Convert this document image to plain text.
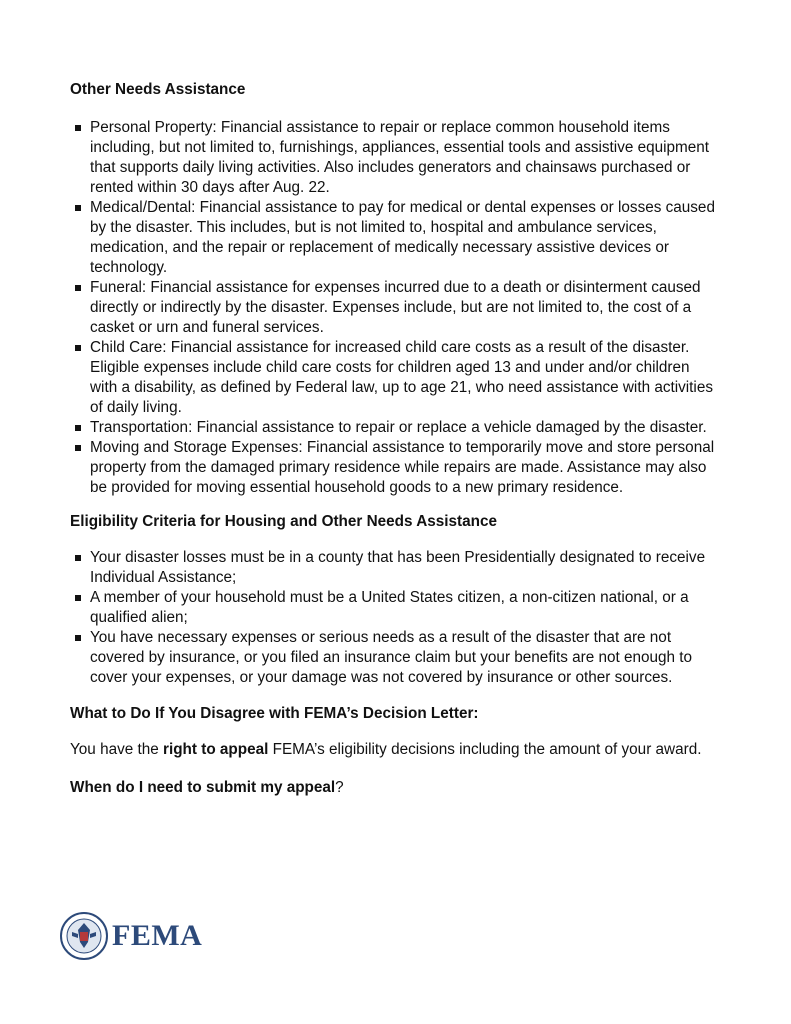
Other Needs Assistance
Personal Property: Financial assistance to repair or replace common household items including, but not limited to, furnishings, appliances, essential tools and assistive equipment that supports daily living activities. Also includes generators and chainsaws purchased or rented within 30 days after Aug. 22.
Medical/Dental: Financial assistance to pay for medical or dental expenses or losses caused by the disaster. This includes, but is not limited to, hospital and ambulance services, medication, and the repair or replacement of medically necessary assistive devices or technology.
Funeral: Financial assistance for expenses incurred due to a death or disinterment caused directly or indirectly by the disaster. Expenses include, but are not limited to, the cost of a casket or urn and funeral services.
Child Care: Financial assistance for increased child care costs as a result of the disaster. Eligible expenses include child care costs for children aged 13 and under and/or children with a disability, as defined by Federal law, up to age 21, who need assistance with activities of daily living.
Transportation: Financial assistance to repair or replace a vehicle damaged by the disaster.
Moving and Storage Expenses: Financial assistance to temporarily move and store personal property from the damaged primary residence while repairs are made. Assistance may also be provided for moving essential household goods to a new primary residence.
Eligibility Criteria for Housing and Other Needs Assistance
Your disaster losses must be in a county that has been Presidentially designated to receive Individual Assistance;
A member of your household must be a United States citizen, a non-citizen national, or a qualified alien;
You have necessary expenses or serious needs as a result of the disaster that are not covered by insurance, or you filed an insurance claim but your benefits are not enough to cover your expenses, or your damage was not covered by insurance or other sources.
What to Do If You Disagree with FEMA’s Decision Letter:

You have the right to appeal FEMA’s eligibility decisions including the amount of your award.

When do I need to submit my appeal?
FEMA
